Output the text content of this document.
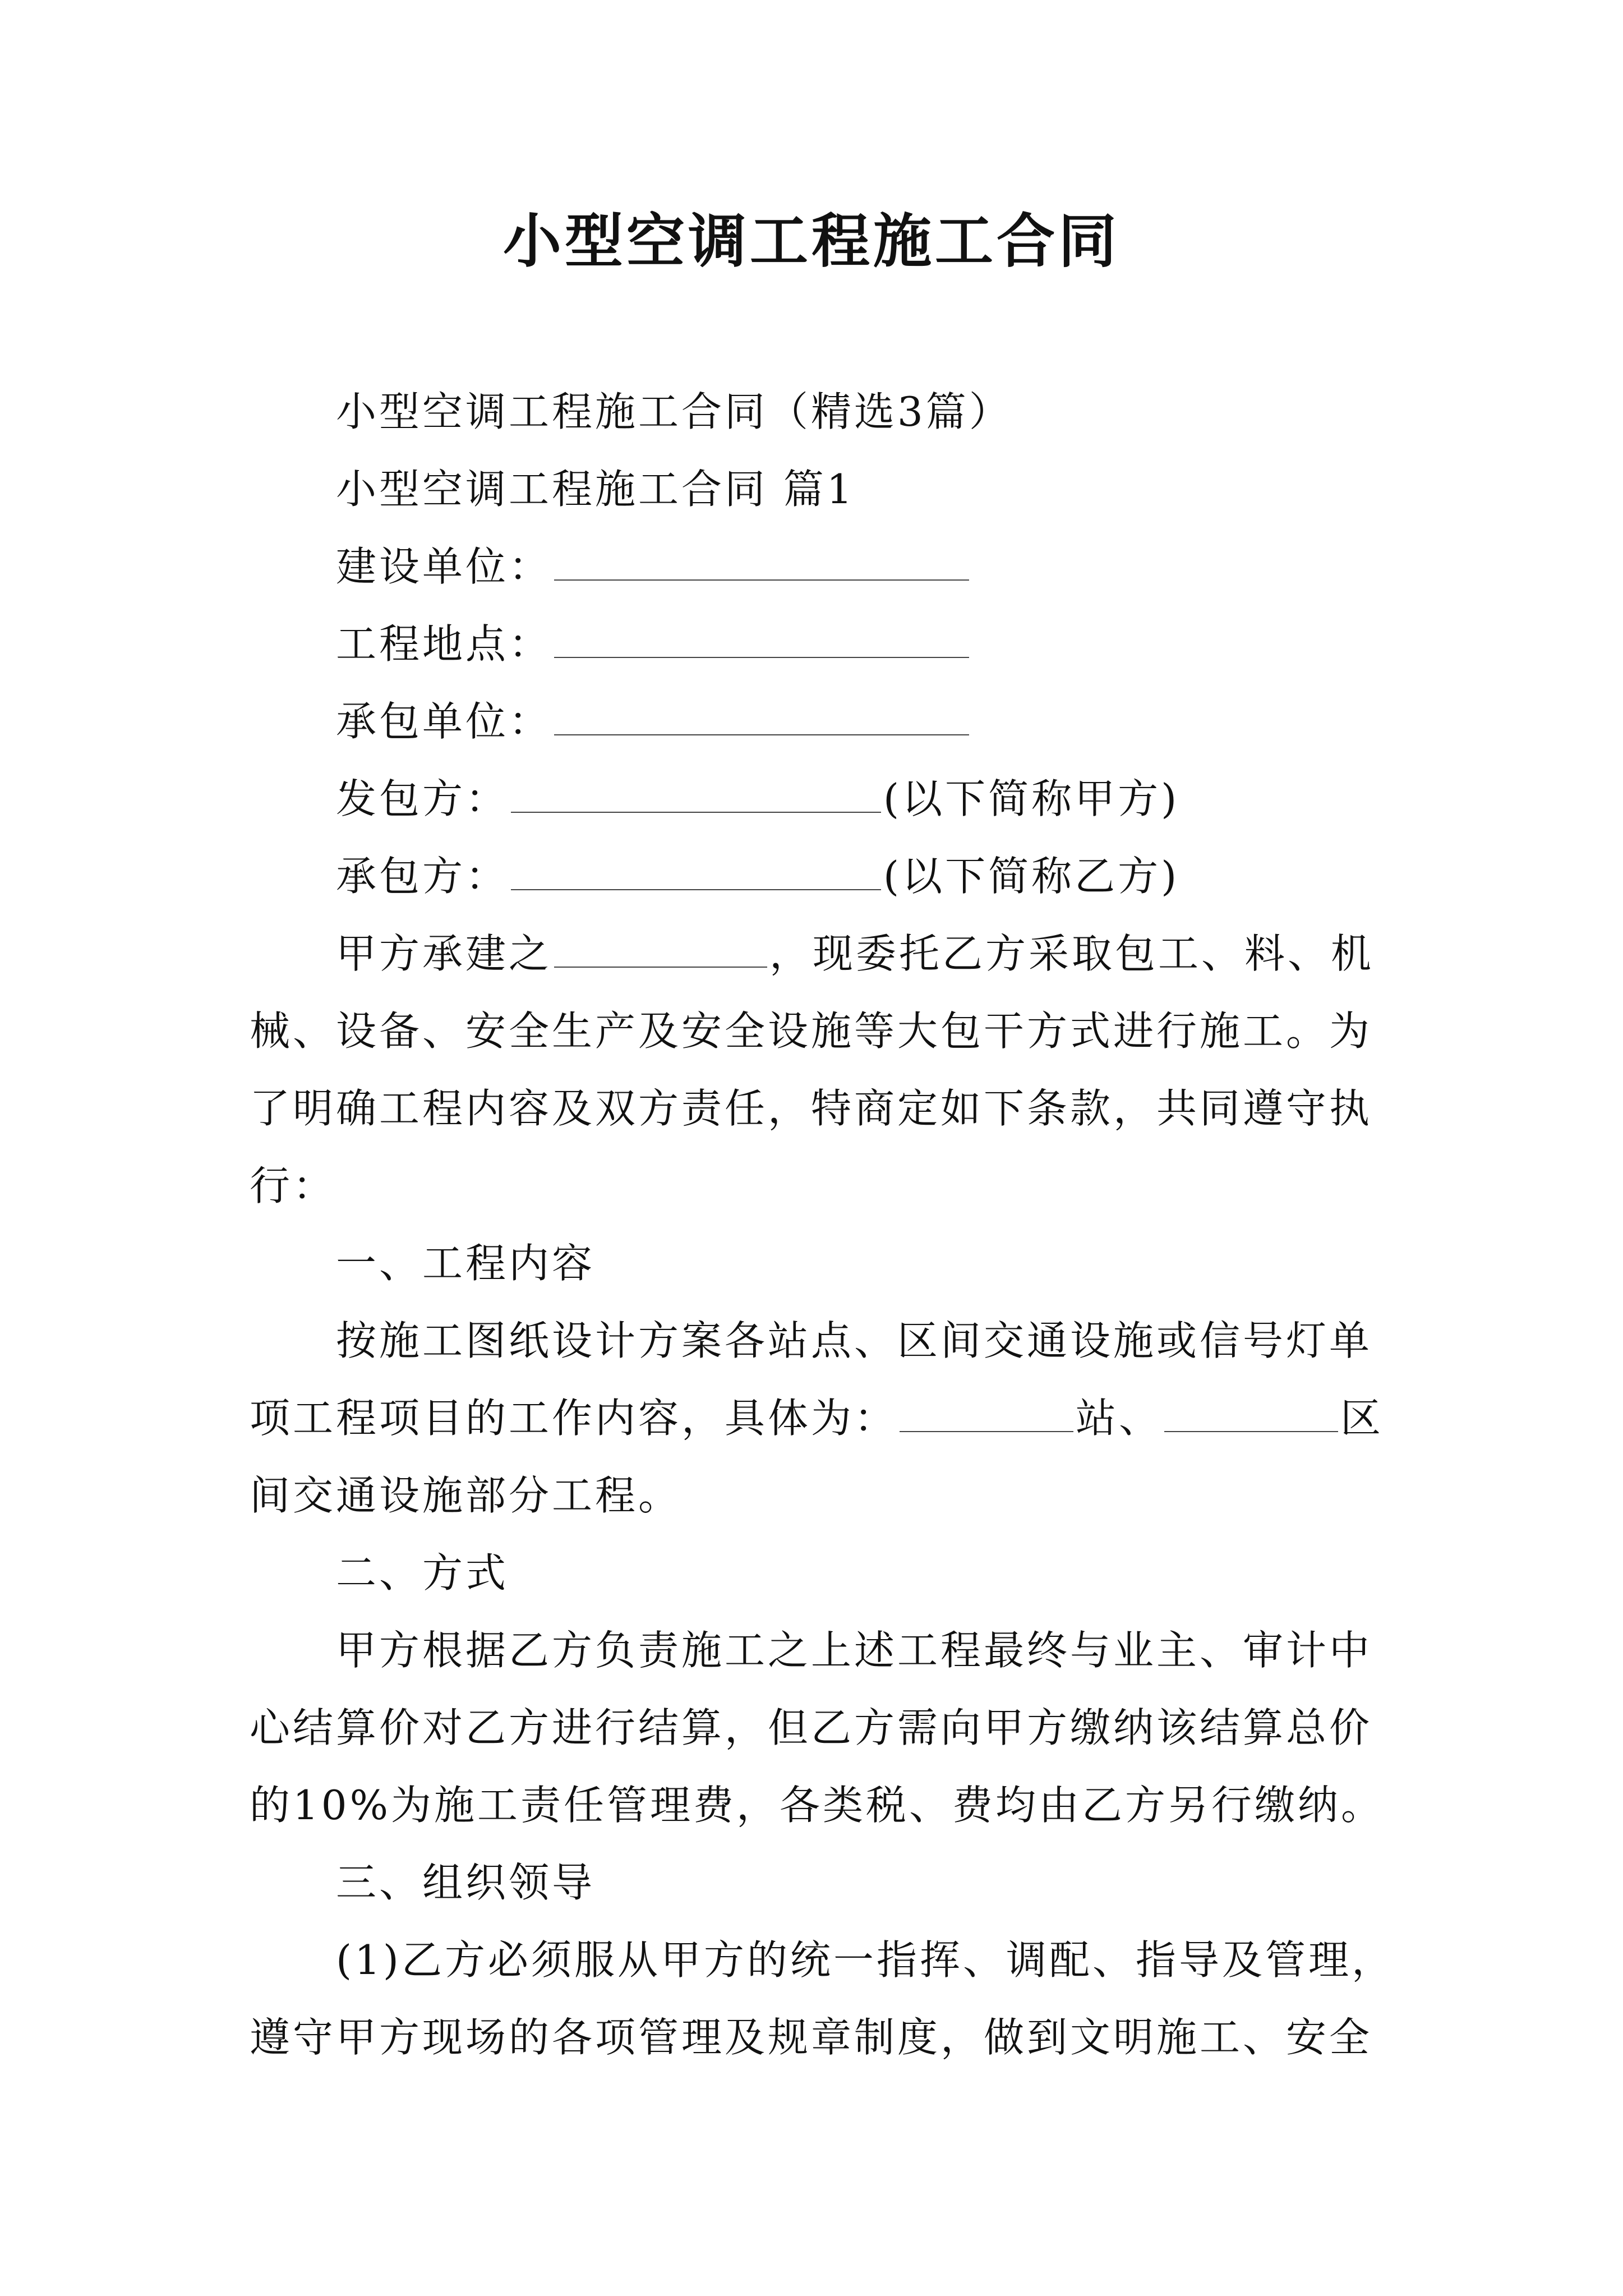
小型空调工程施工合同
小型空调工程施工合同（精选3篇）
小型空调工程施工合同 篇1
建设单位：
工程地点：
承包单位：
发包方：	(以下简称甲方)
承包方：	(以下简称乙方)
甲方承建之	，现委托乙方采取包工、料、机
械、设备、安全生产及安全设施等大包干方式进行施工。为
了明确工程内容及双方责任，特商定如下条款，共同遵守执
行：
一、工程内容
按施工图纸设计方案各站点、区间交通设施或信号灯单
项工程项目的工作内容，具体为：	站、	区
间交通设施部分工程。
二、方式
甲方根据乙方负责施工之上述工程最终与业主、审计中
心结算价对乙方进行结算，但乙方需向甲方缴纳该结算总价
的10%为施工责任管理费，各类税、费均由乙方另行缴纳。
三、组织领导
(1)乙方必须服从甲方的统一指挥、调配、指导及管理，
遵守甲方现场的各项管理及规章制度，做到文明施工、安全
